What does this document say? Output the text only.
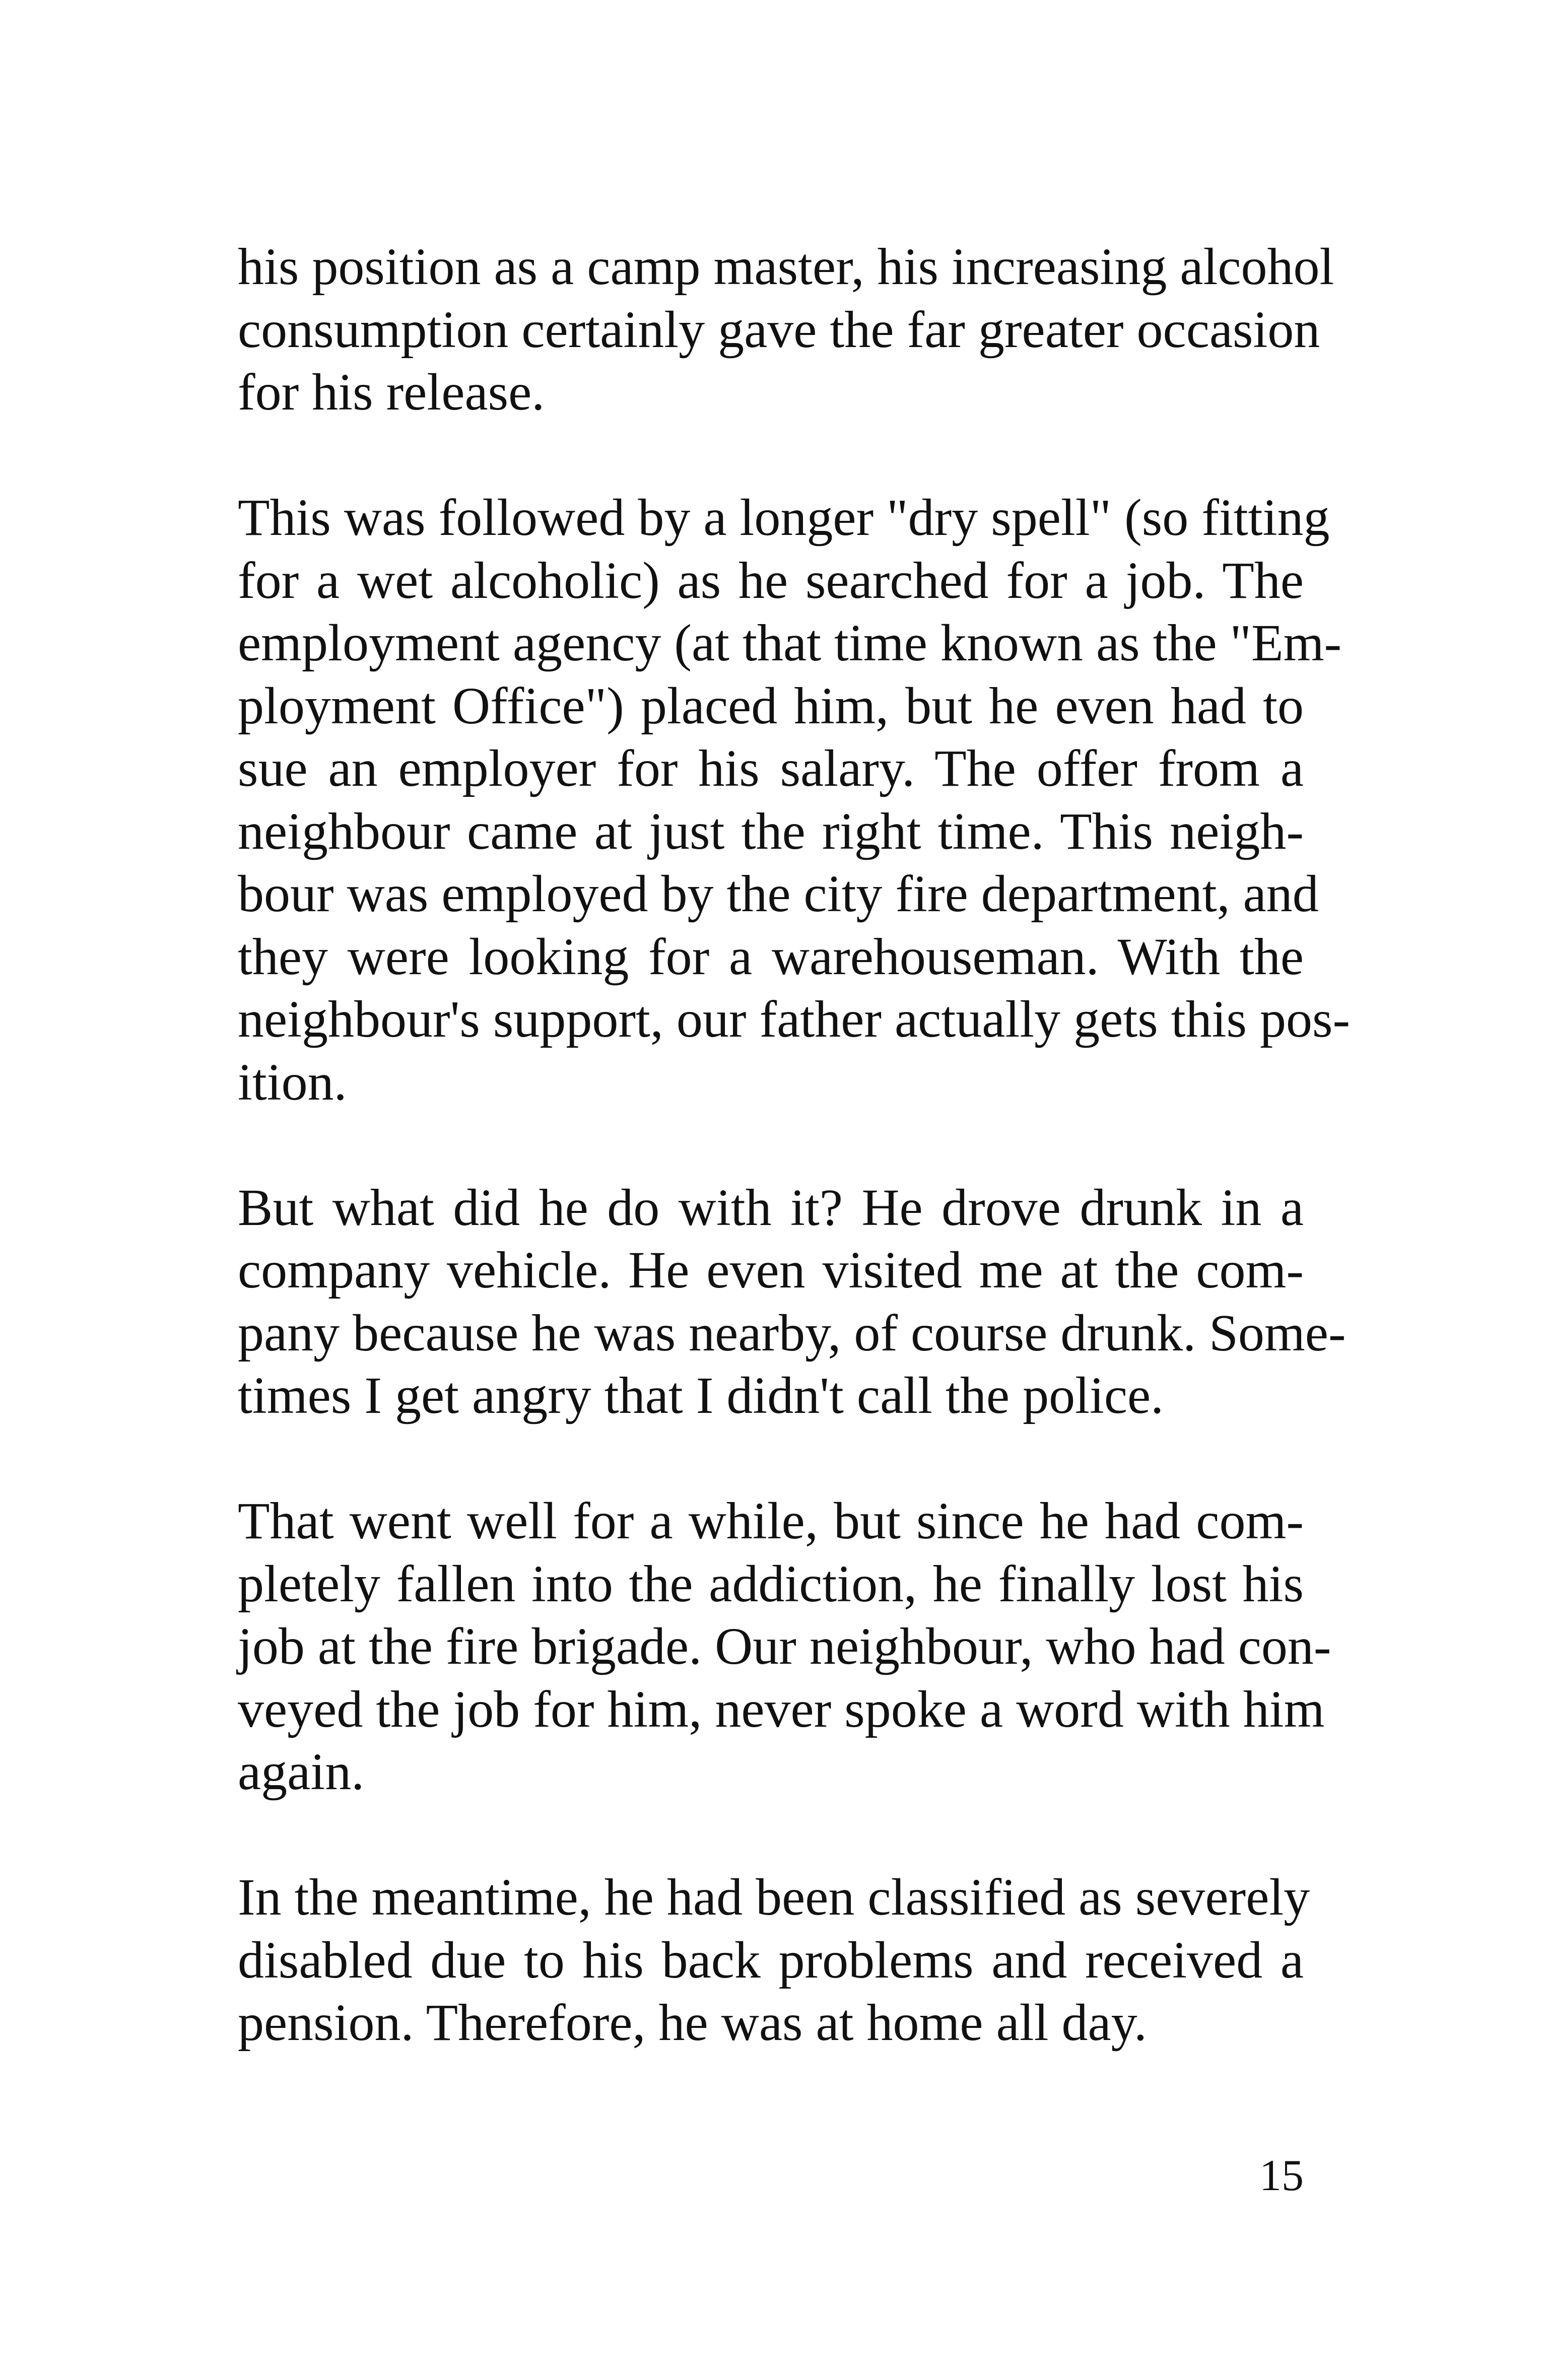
his position as a camp master, his increasing alcohol
consumption certainly gave the far greater occasion
for his release.

This was followed by a longer "dry spell" (so fitting
for a wet alcoholic) as he searched for a job. The
employment agency (at that time known as the "Em-
ployment Office") placed him, but he even had to
sue an employer for his salary. The offer from a
neighbour came at just the right time. This neigh-
bour was employed by the city fire department, and
they were looking for a warehouseman. With the
neighbour's support, our father actually gets this pos-
ition.

But what did he do with it? He drove drunk in a
company vehicle. He even visited me at the com-
pany because he was nearby, of course drunk. Some-
times I get angry that I didn't call the police.

That went well for a while, but since he had com-
pletely fallen into the addiction, he finally lost his
job at the fire brigade. Our neighbour, who had con-
veyed the job for him, never spoke a word with him
again.

In the meantime, he had been classified as severely
disabled due to his back problems and received a
pension. Therefore, he was at home all day.

15
